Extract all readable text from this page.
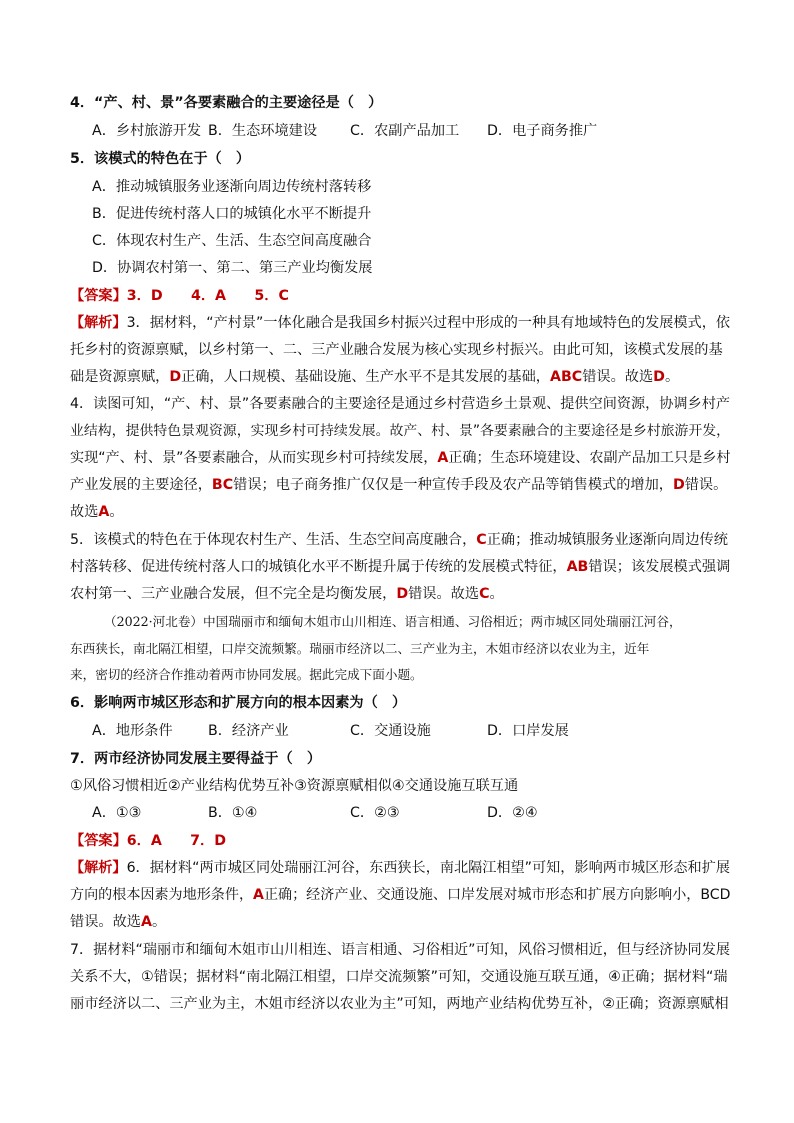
4．“产、村、景”各要素融合的主要途径是（　）
A．乡村旅游开发 B．生态环境建设 C．农副产品加工 D．电子商务推广
5．该模式的特色在于（　）
A．推动城镇服务业逐渐向周边传统村落转移
B．促进传统村落人口的城镇化水平不断提升
C．体现农村生产、生活、生态空间高度融合
D．协调农村第一、第二、第三产业均衡发展
【答案】3．D　　4．A　　5．C
【解析】3．据材料，“产村景”一体化融合是我国乡村振兴过程中形成的一种具有地域特色的发展模式，依
托乡村的资源禀赋，以乡村第一、二、三产业融合发展为核心实现乡村振兴。由此可知，该模式发展的基
础是资源禀赋，D正确，人口规模、基础设施、生产水平不是其发展的基础，ABC错误。故选D。
4．读图可知，“产、村、景”各要素融合的主要途径是通过乡村营造乡土景观、提供空间资源，协调乡村产
业结构，提供特色景观资源，实现乡村可持续发展。故产、村、景”各要素融合的主要途径是乡村旅游开发，
实现“产、村、景”各要素融合，从而实现乡村可持续发展，A正确；生态环境建设、农副产品加工只是乡村
产业发展的主要途径，BC错误；电子商务推广仅仅是一种宣传手段及农产品等销售模式的增加，D错误。
故选A。
5．该模式的特色在于体现农村生产、生活、生态空间高度融合，C正确；推动城镇服务业逐渐向周边传统
村落转移、促进传统村落人口的城镇化水平不断提升属于传统的发展模式特征，AB错误；该发展模式强调
农村第一、三产业融合发展，但不完全是均衡发展，D错误。故选C。
（2022·河北卷）中国瑞丽市和缅甸木姐市山川相连、语言相通、习俗相近；两市城区同处瑞丽江河谷，
东西狭长，南北隔江相望，口岸交流频繁。瑞丽市经济以二、三产业为主，木姐市经济以农业为主，近年
来，密切的经济合作推动着两市协同发展。据此完成下面小题。
6．影响两市城区形态和扩展方向的根本因素为（　）
A．地形条件 B．经济产业	C．交通设施	D．口岸发展
7．两市经济协同发展主要得益于（　）
①风俗习惯相近②产业结构优势互补③资源禀赋相似④交通设施互联互通
A．①③	B．①④	C．②③	D．②④
【答案】6．A　　7．D
【解析】6．据材料“两市城区同处瑞丽江河谷，东西狭长，南北隔江相望”可知，影响两市城区形态和扩展
方向的根本因素为地形条件，A正确；经济产业、交通设施、口岸发展对城市形态和扩展方向影响小，BCD
错误。故选A。
7．据材料“瑞丽市和缅甸木姐市山川相连、语言相通、习俗相近”可知，风俗习惯相近，但与经济协同发展
关系不大，①错误；据材料“南北隔江相望，口岸交流频繁”可知，交通设施互联互通，④正确；据材料“瑞
丽市经济以二、三产业为主，木姐市经济以农业为主”可知，两地产业结构优势互补，②正确；资源禀赋相
